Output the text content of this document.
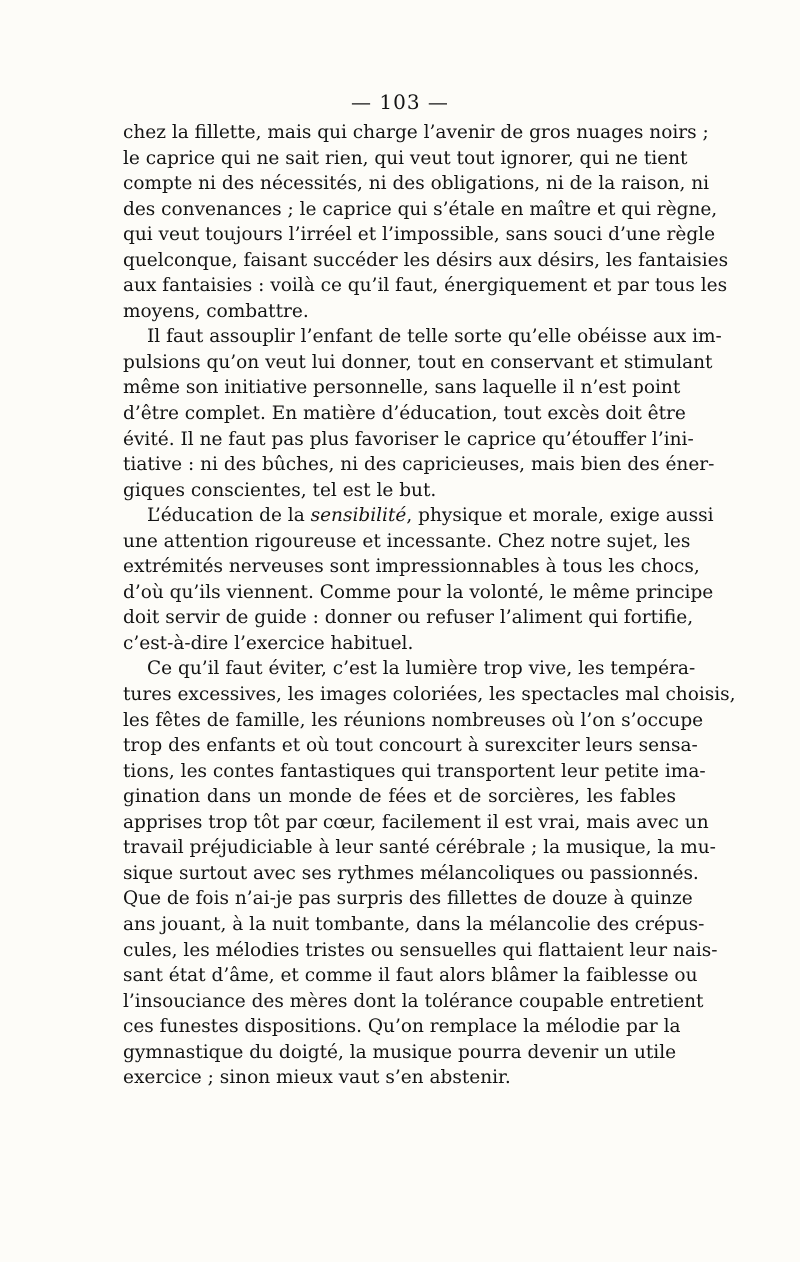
— 103 —
chez la fillette, mais qui charge l’avenir de gros nuages noirs ;
le caprice qui ne sait rien, qui veut tout ignorer, qui ne tient
compte ni des nécessités, ni des obligations, ni de la raison, ni
des convenances ; le caprice qui s’étale en maître et qui règne,
qui veut toujours l’irréel et l’impossible, sans souci d’une règle
quelconque, faisant succéder les désirs aux désirs, les fantaisies
aux fantaisies : voilà ce qu’il faut, énergiquement et par tous les
moyens, combattre.
Il faut assouplir l’enfant de telle sorte qu’elle obéisse aux im-
pulsions qu’on veut lui donner, tout en conservant et stimulant
même son initiative personnelle, sans laquelle il n’est point
d’être complet. En matière d’éducation, tout excès doit être
évité. Il ne faut pas plus favoriser le caprice qu’étouffer l’ini-
tiative : ni des bûches, ni des capricieuses, mais bien des éner-
giques conscientes, tel est le but.
L’éducation de la sensibilité, physique et morale, exige aussi
une attention rigoureuse et incessante. Chez notre sujet, les
extrémités nerveuses sont impressionnables à tous les chocs,
d’où qu’ils viennent. Comme pour la volonté, le même principe
doit servir de guide : donner ou refuser l’aliment qui fortifie,
c’est-à-dire l’exercice habituel.
Ce qu’il faut éviter, c’est la lumière trop vive, les tempéra-
tures excessives, les images coloriées, les spectacles mal choisis,
les fêtes de famille, les réunions nombreuses où l’on s’occupe
trop des enfants et où tout concourt à surexciter leurs sensa-
tions, les contes fantastiques qui transportent leur petite ima-
gination dans un monde de fées et de sorcières, les fables
apprises trop tôt par cœur, facilement il est vrai, mais avec un
travail préjudiciable à leur santé cérébrale ; la musique, la mu-
sique surtout avec ses rythmes mélancoliques ou passionnés.
Que de fois n’ai-je pas surpris des fillettes de douze à quinze
ans jouant, à la nuit tombante, dans la mélancolie des crépus-
cules, les mélodies tristes ou sensuelles qui flattaient leur nais-
sant état d’âme, et comme il faut alors blâmer la faiblesse ou
l’insouciance des mères dont la tolérance coupable entretient
ces funestes dispositions. Qu’on remplace la mélodie par la
gymnastique du doigté, la musique pourra devenir un utile
exercice ; sinon mieux vaut s’en abstenir.
